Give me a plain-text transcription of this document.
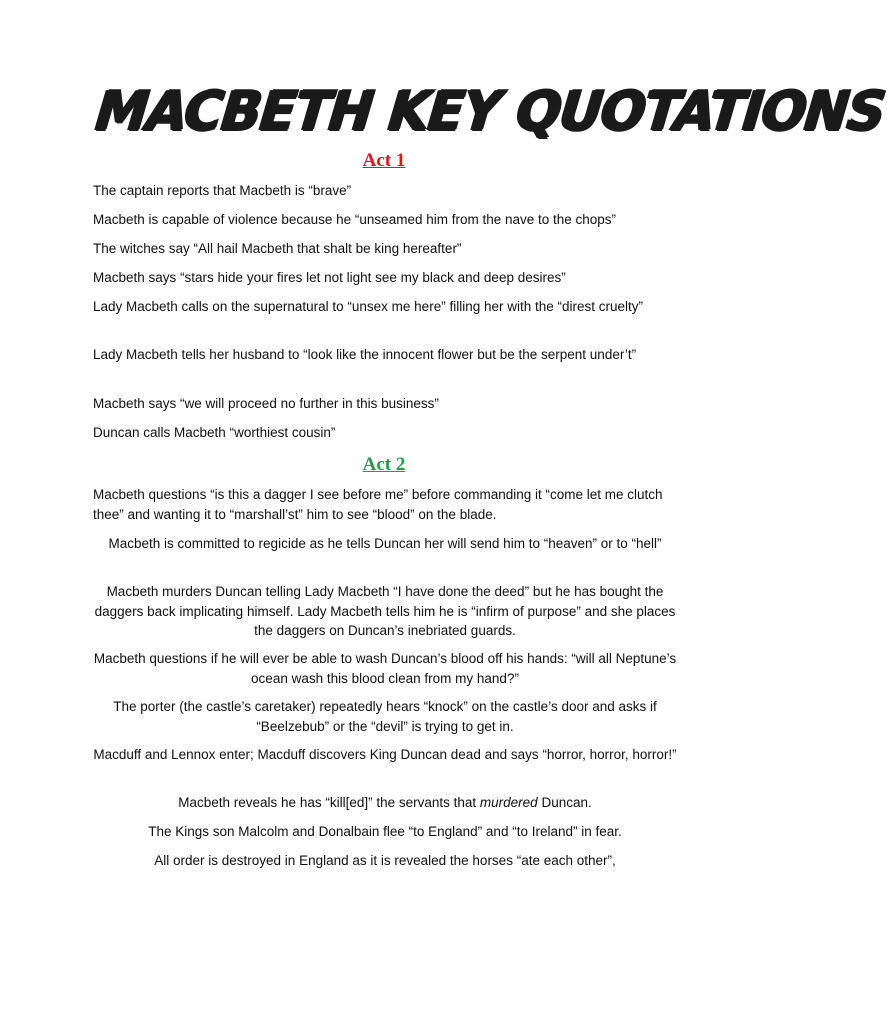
MACBETH KEY QUOTATIONS
Act 1
The captain reports that Macbeth is “brave”
Macbeth is capable of violence because he “unseamed him from the nave to the chops”
The witches say “All hail Macbeth that shalt be king hereafter”
Macbeth says “stars hide your fires let not light see my black and deep desires”
Lady Macbeth calls on the supernatural to “unsex me here” filling her with the “direst cruelty”
Lady Macbeth tells her husband to “look like the innocent flower but be the serpent under’t”
Macbeth says “we will proceed no further in this business”
Duncan calls Macbeth “worthiest cousin”
Act 2
Macbeth questions “is this a dagger I see before me” before commanding it “come let me clutch thee” and wanting it to “marshall’st” him to see “blood” on the blade.
Macbeth is committed to regicide as he tells Duncan her will send him to “heaven” or to “hell”
Macbeth murders Duncan telling Lady Macbeth “I have done the deed” but he has bought the daggers back implicating himself. Lady Macbeth tells him he is “infirm of purpose” and she places the daggers on Duncan’s inebriated guards.
Macbeth questions if he will ever be able to wash Duncan’s blood off his hands: “will all Neptune’s ocean wash this blood clean from my hand?”
The porter (the castle’s caretaker) repeatedly hears “knock” on the castle’s door and asks if “Beelzebub” or the “devil” is trying to get in.
Macduff and Lennox enter; Macduff discovers King Duncan dead and says “horror, horror, horror!”
Macbeth reveals he has “kill[ed]” the servants that murdered Duncan.
The Kings son Malcolm and Donalbain flee “to England” and “to Ireland” in fear.
All order is destroyed in England as it is revealed the horses “ate each other”,
